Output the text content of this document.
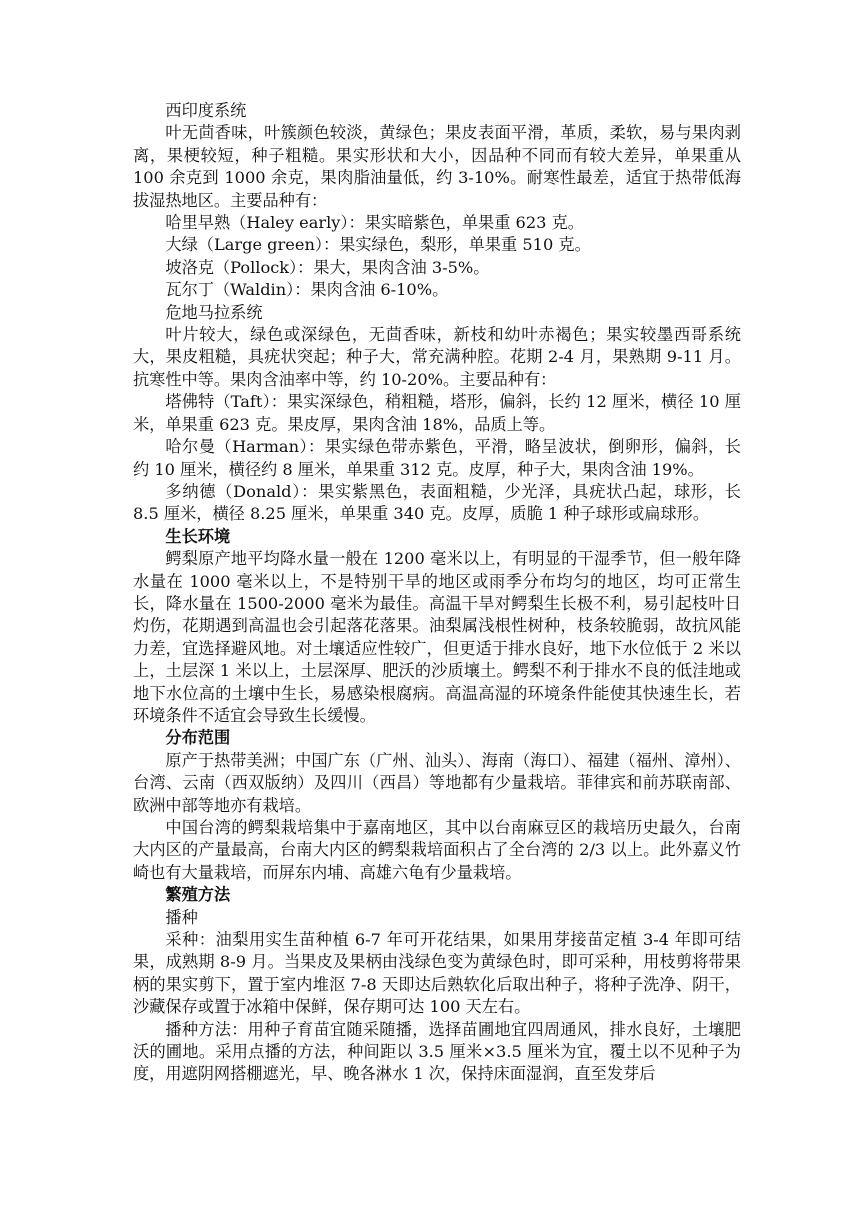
西印度系统

叶无茴香味，叶簇颜色较淡，黄绿色；果皮表面平滑，革质，柔软，易与果肉剥离，果梗较短，种子粗糙。果实形状和大小，因品种不同而有较大差异，单果重从 100 余克到 1000 余克，果肉脂油量低，约 3-10%。耐寒性最差，适宜于热带低海拔湿热地区。主要品种有：

哈里早熟（Haley early）：果实暗紫色，单果重 623 克。
大绿（Large green）：果实绿色，梨形，单果重 510 克。
坡洛克（Pollock）：果大，果肉含油 3-5%。
瓦尔丁（Waldin）：果肉含油 6-10%。
危地马拉系统

叶片较大，绿色或深绿色，无茴香味，新枝和幼叶赤褐色；果实较墨西哥系统大，果皮粗糙，具疣状突起；种子大，常充满种腔。花期 2-4 月，果熟期 9-11 月。抗寒性中等。果肉含油率中等，约 10-20%。主要品种有：

塔佛特（Taft）：果实深绿色，稍粗糙，塔形，偏斜，长约 12 厘米，横径 10 厘米，单果重 623 克。果皮厚，果肉含油 18%，品质上等。

哈尔曼（Harman）：果实绿色带赤紫色，平滑，略呈波状，倒卵形，偏斜，长约 10 厘米，横径约 8 厘米，单果重 312 克。皮厚，种子大，果肉含油 19%。

多纳德（Donald）：果实紫黑色，表面粗糙，少光泽，具疣状凸起，球形，长 8.5 厘米，横径 8.25 厘米，单果重 340 克。皮厚，质脆 1 种子球形或扁球形。

生长环境

鳄梨原产地平均降水量一般在 1200 毫米以上，有明显的干湿季节，但一般年降水量在 1000 毫米以上，不是特别干旱的地区或雨季分布均匀的地区，均可正常生长，降水量在 1500-2000 毫米为最佳。高温干旱对鳄梨生长极不利，易引起枝叶日灼伤，花期遇到高温也会引起落花落果。油梨属浅根性树种，枝条较脆弱，故抗风能力差，宜选择避风地。对土壤适应性较广，但更适于排水良好，地下水位低于 2 米以上，土层深 1 米以上，土层深厚、肥沃的沙质壤土。鳄梨不利于排水不良的低洼地或地下水位高的土壤中生长，易感染根腐病。高温高湿的环境条件能使其快速生长，若环境条件不适宜会导致生长缓慢。

分布范围

原产于热带美洲；中国广东（广州、汕头）、海南（海口）、福建（福州、漳州）、台湾、云南（西双版纳）及四川（西昌）等地都有少量栽培。菲律宾和前苏联南部、欧洲中部等地亦有栽培。

中国台湾的鳄梨栽培集中于嘉南地区，其中以台南麻豆区的栽培历史最久，台南大内区的产量最高，台南大内区的鳄梨栽培面积占了全台湾的 2/3 以上。此外嘉义竹崎也有大量栽培，而屏东内埔、高雄六龟有少量栽培。

繁殖方法
播种

采种：油梨用实生苗种植 6-7 年可开花结果，如果用芽接苗定植 3-4 年即可结果，成熟期 8-9 月。当果皮及果柄由浅绿色变为黄绿色时，即可采种，用枝剪将带果柄的果实剪下，置于室内堆沤 7-8 天即达后熟软化后取出种子，将种子洗净、阴干，沙藏保存或置于冰箱中保鲜，保存期可达 100 天左右。

播种方法：用种子育苗宜随采随播，选择苗圃地宜四周通风，排水良好，土壤肥沃的圃地。采用点播的方法，种间距以 3.5 厘米×3.5 厘米为宜，覆土以不见种子为度，用遮阴网搭棚遮光，早、晚各淋水 1 次，保持床面湿润，直至发芽后
